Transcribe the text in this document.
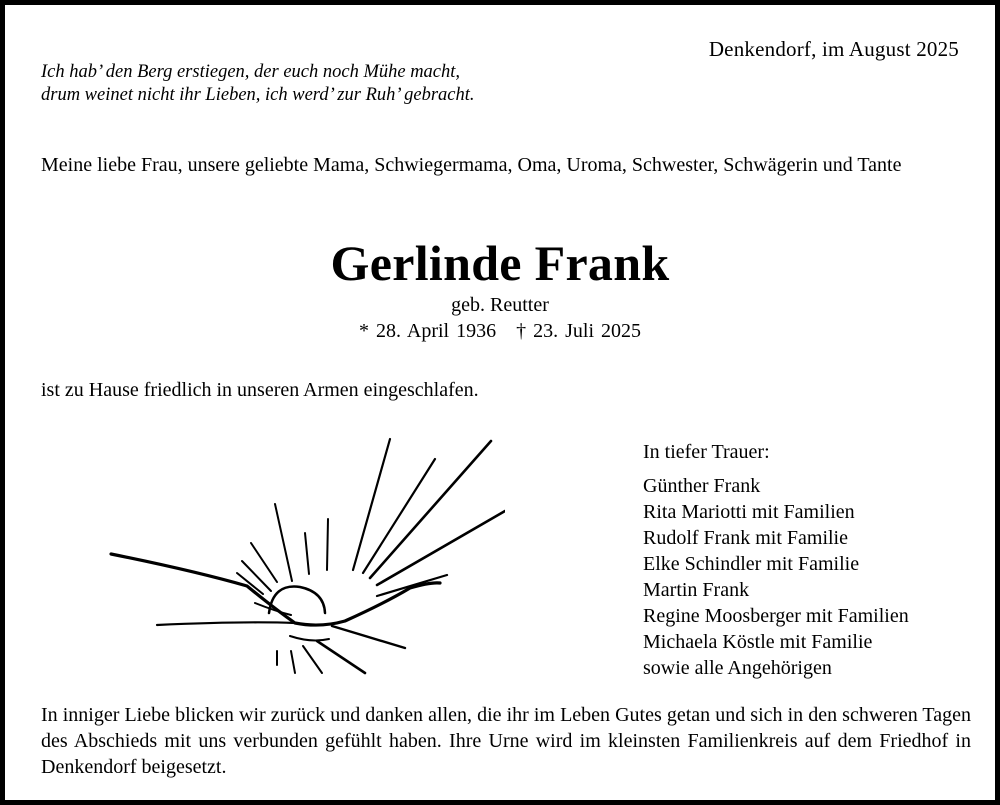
Denkendorf, im August 2025
Ich hab’ den Berg erstiegen, der euch noch Mühe macht,
drum weinet nicht ihr Lieben, ich werd’ zur Ruh’ gebracht.
Meine liebe Frau, unsere geliebte Mama, Schwiegermama, Oma, Uroma, Schwester, Schwägerin und Tante
Gerlinde Frank
geb. Reutter
* 28. April 1936 † 23. Juli 2025
ist zu Hause friedlich in unseren Armen eingeschlafen.
In tiefer Trauer:
Günther Frank
Rita Mariotti mit Familien
Rudolf Frank mit Familie
Elke Schindler mit Familie
Martin Frank
Regine Moosberger mit Familien
Michaela Köstle mit Familie
sowie alle Angehörigen
In inniger Liebe blicken wir zurück und danken allen, die ihr im Leben Gutes getan und sich in den schweren Tagen des Abschieds mit uns verbunden gefühlt haben. Ihre Urne wird im kleinsten Familienkreis auf dem Friedhof in Denkendorf beigesetzt.
